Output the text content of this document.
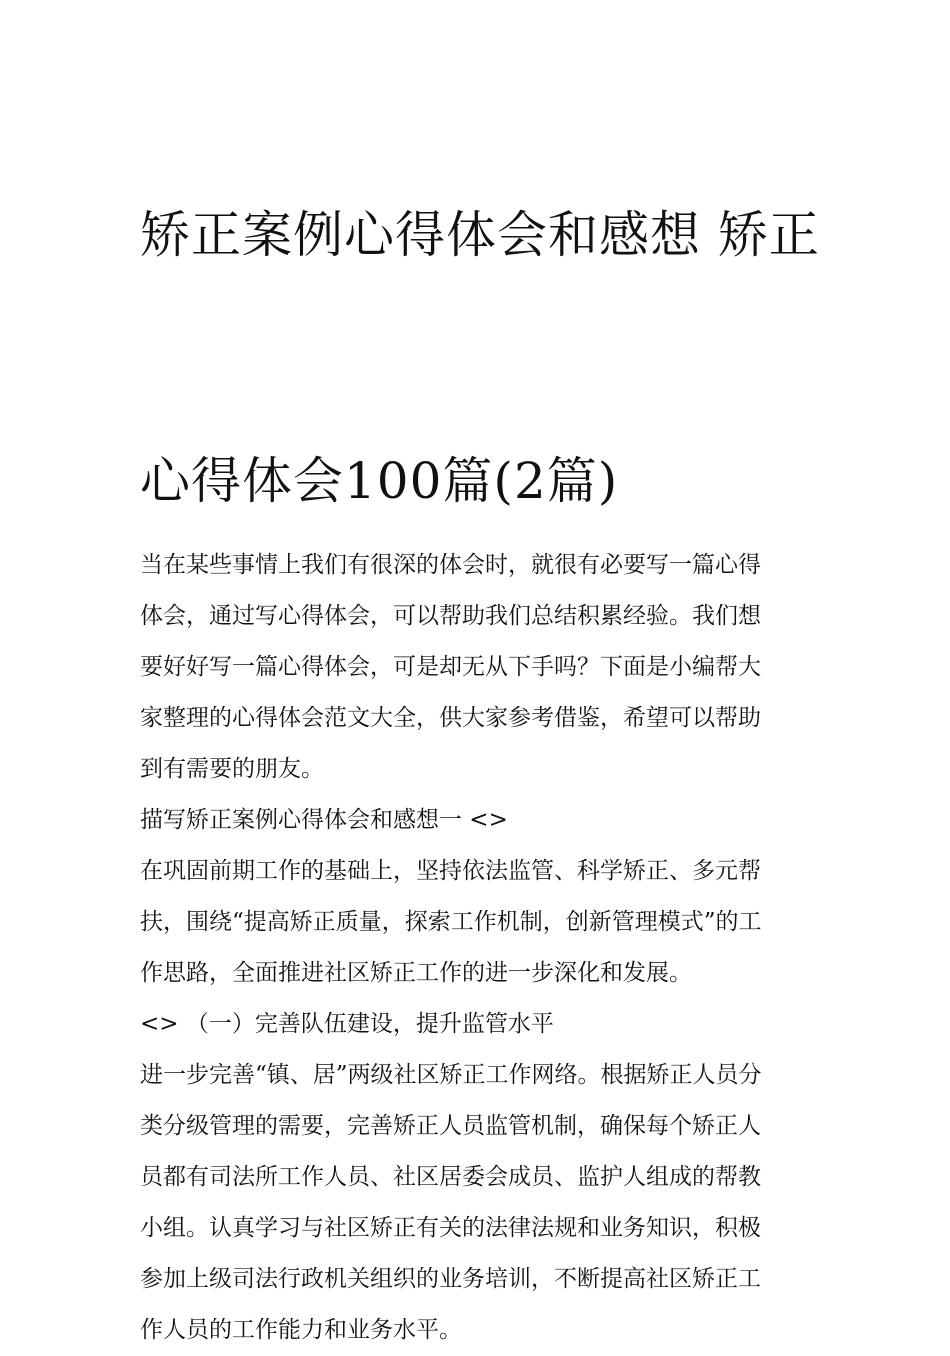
矫正案例心得体会和感想 矫正

心得体会100篇(2篇)

当在某些事情上我们有很深的体会时，就很有必要写一篇心得

体会，通过写心得体会，可以帮助我们总结积累经验。我们想

要好好写一篇心得体会，可是却无从下手吗？下面是小编帮大

家整理的心得体会范文大全，供大家参考借鉴，希望可以帮助

到有需要的朋友。

描写矫正案例心得体会和感想一 <>

在巩固前期工作的基础上，坚持依法监管、科学矫正、多元帮

扶，围绕“提高矫正质量，探索工作机制，创新管理模式”的工

作思路，全面推进社区矫正工作的进一步深化和发展。

<> （一）完善队伍建设，提升监管水平

进一步完善“镇、居”两级社区矫正工作网络。根据矫正人员分

类分级管理的需要，完善矫正人员监管机制，确保每个矫正人

员都有司法所工作人员、社区居委会成员、监护人组成的帮教

小组。认真学习与社区矫正有关的法律法规和业务知识，积极

参加上级司法行政机关组织的业务培训，不断提高社区矫正工

作人员的工作能力和业务水平。
